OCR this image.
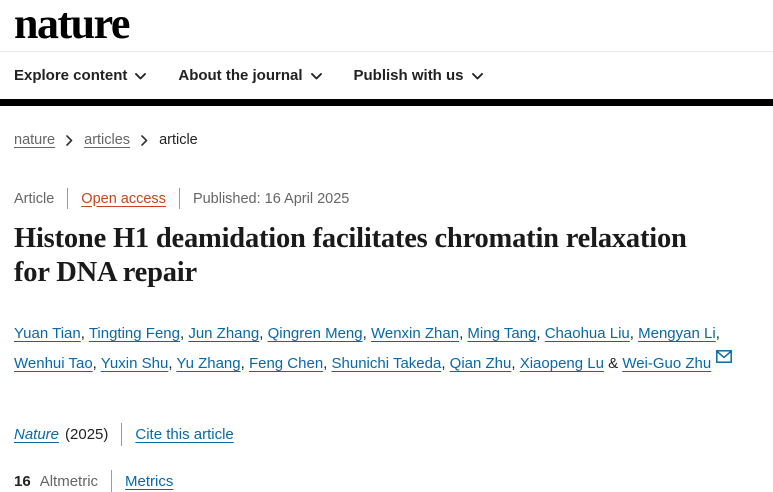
nature
Explore content	About the journal	Publish with us
nature articles article
Article Open access Published: 16 April 2025
Histone H1 deamidation facilitates chromatin relaxation for DNA repair

Yuan Tian, Tingting Feng, Jun Zhang, Qingren Meng, Wenxin Zhan, Ming Tang, Chaohua Liu, Mengyan Li, Wenhui Tao, Yuxin Shu, Yu Zhang, Feng Chen, Shunichi Takeda, Qian Zhu, Xiaopeng Lu & Wei-Guo Zhu

Nature (2025) Cite this article
16 Altmetric Metrics
